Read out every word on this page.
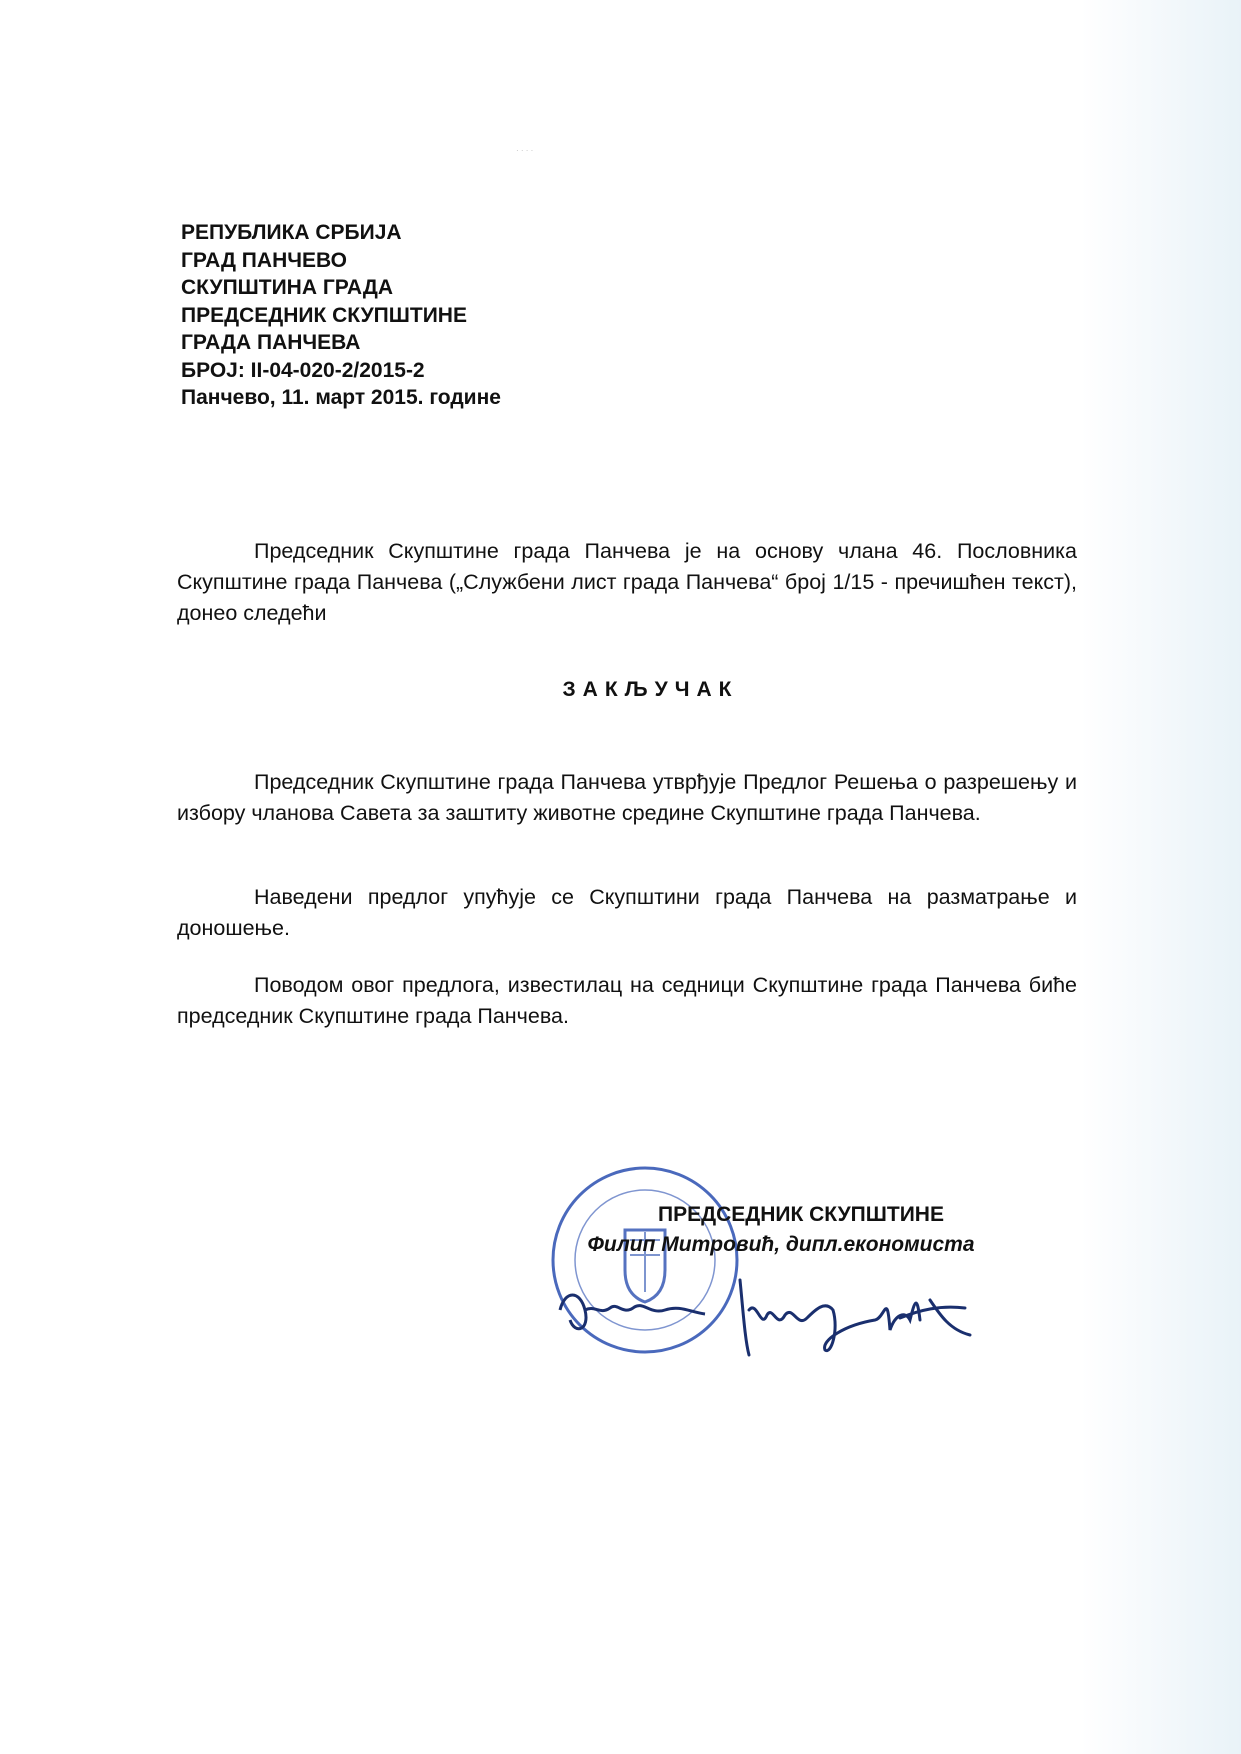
· · · ·
РЕПУБЛИКА СРБИЈА
ГРАД ПАНЧЕВО
СКУПШТИНА ГРАДА
ПРЕДСЕДНИК СКУПШТИНЕ
ГРАДА ПАНЧЕВА
БРОЈ: II-04-020-2/2015-2
Панчево, 11. март 2015. године
Председник Скупштине града Панчева је на основу члана 46. Пословника Скупштине града Панчева („Службени лист града Панчева“ број 1/15 - пречишћен текст), донео следећи
ЗАКЉУЧАК
Председник Скупштине града Панчева утврђује Предлог Решења о разрешењу и избору чланова Савета за заштиту животне средине Скупштине града Панчева.
Наведени предлог упућује се Скупштини града Панчева на разматрање и доношење.
Поводом овог предлога, известилац на седници Скупштине града Панчева биће председник Скупштине града Панчева.
ПРЕДСЕДНИК СКУПШТИНЕ
Филип Митровић, дипл.економиста
